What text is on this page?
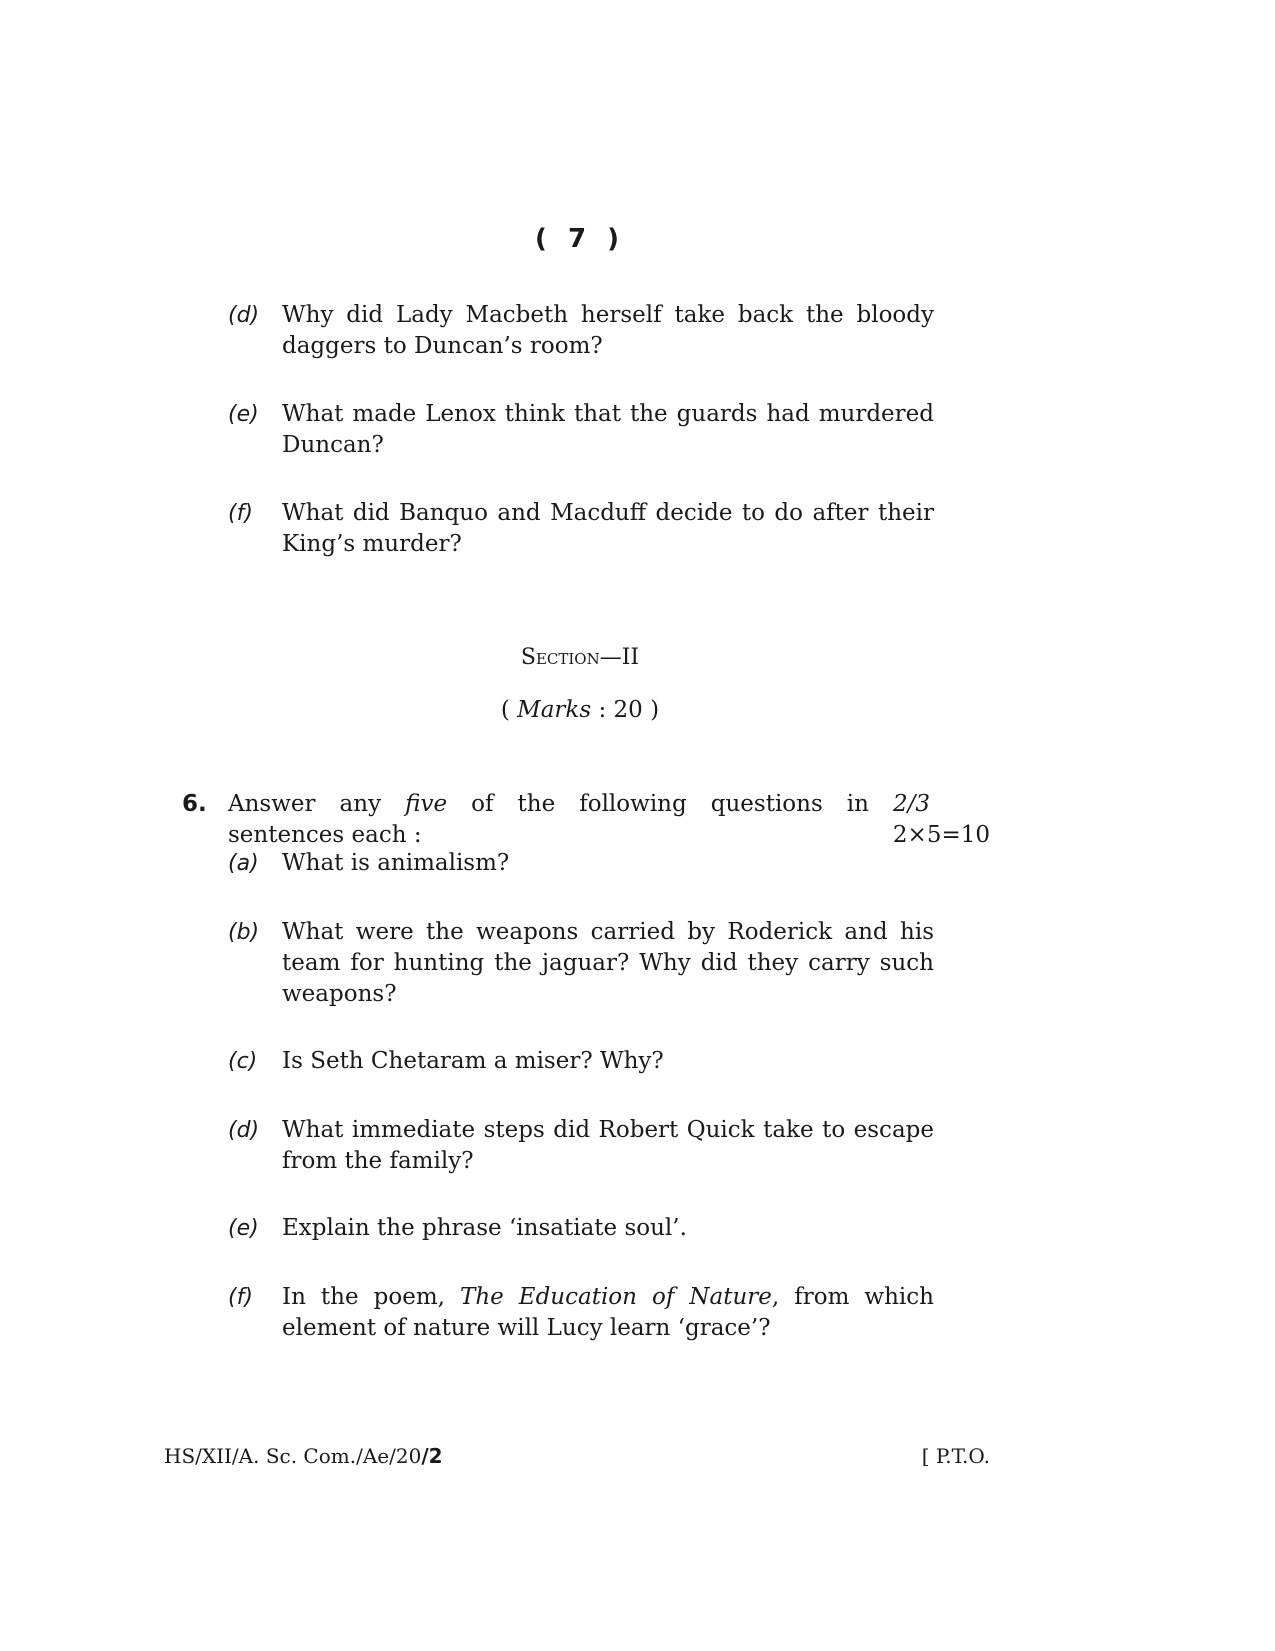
( 7 )
(d) Why did Lady Macbeth herself take back the bloody daggers to Duncan’s room?
(e) What made Lenox think that the guards had murdered Duncan?
(f) What did Banquo and Macduff decide to do after their King’s murder?
Section—II
( Marks : 20 )
6. Answer any five of the following questions in 2/3
sentences each :	2×5=10
(a) What is animalism?
(b) What were the weapons carried by Roderick and his team for hunting the jaguar? Why did they carry such weapons?
(c) Is Seth Chetaram a miser? Why?
(d) What immediate steps did Robert Quick take to escape from the family?
(e) Explain the phrase ‘insatiate soul’.
(f) In the poem, The Education of Nature, from which element of nature will Lucy learn ‘grace’?
HS/XII/A. Sc. Com./Ae/20/2	[ P.T.O.
